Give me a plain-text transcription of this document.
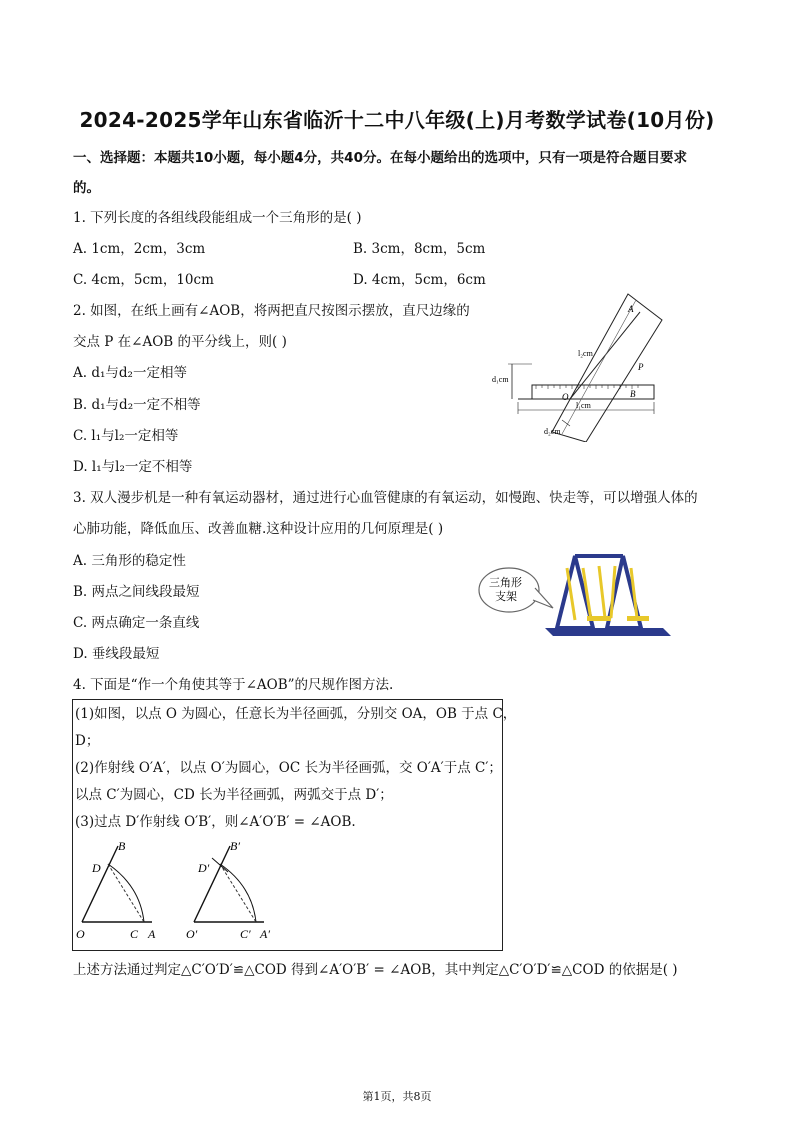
2024-2025学年山东省临沂十二中八年级(上)月考数学试卷(10月份)
一、选择题：本题共10小题，每小题4分，共40分。在每小题给出的选项中，只有一项是符合题目要求
的。
1. 下列长度的各组线段能组成一个三角形的是( )
A. 1cm，2cm，3cm	B. 3cm，8cm，5cm
C. 4cm，5cm，10cm	D. 4cm，5cm，6cm
2. 如图，在纸上画有∠AOB，将两把直尺按图示摆放，直尺边缘的
交点 P 在∠AOB 的平分线上，则( )
A. d₁与d₂一定相等
B. d₁与d₂一定不相等
C. l₁与l₂一定相等
D. l₁与l₂一定不相等
A
B
O
P
l₂cm
l₁cm
d₁cm
d₂cm
3. 双人漫步机是一种有氧运动器材，通过进行心血管健康的有氧运动，如慢跑、快走等，可以增强人体的
心肺功能，降低血压、改善血糖.这种设计应用的几何原理是( )
A. 三角形的稳定性
B. 两点之间线段最短
C. 两点确定一条直线
D. 垂线段最短
三角形
支架
4. 下面是“作一个角使其等于∠AOB”的尺规作图方法.
(1)如图，以点 O 为圆心，任意长为半径画弧，分别交 OA，OB 于点 C，
D；
(2)作射线 O′A′，以点 O′为圆心，OC 长为半径画弧，交 O′A′于点 C′；
以点 C′为圆心，CD 长为半径画弧，两弧交于点 D′；
(3)过点 D′作射线 O′B′，则∠A′O′B′ = ∠AOB.
B
D
O	C A
B′
D′
O′	C′ A′
上述方法通过判定△C′O′D′≌△COD 得到∠A′O′B′ = ∠AOB，其中判定△C′O′D′≌△COD 的依据是( )
第1页，共8页
